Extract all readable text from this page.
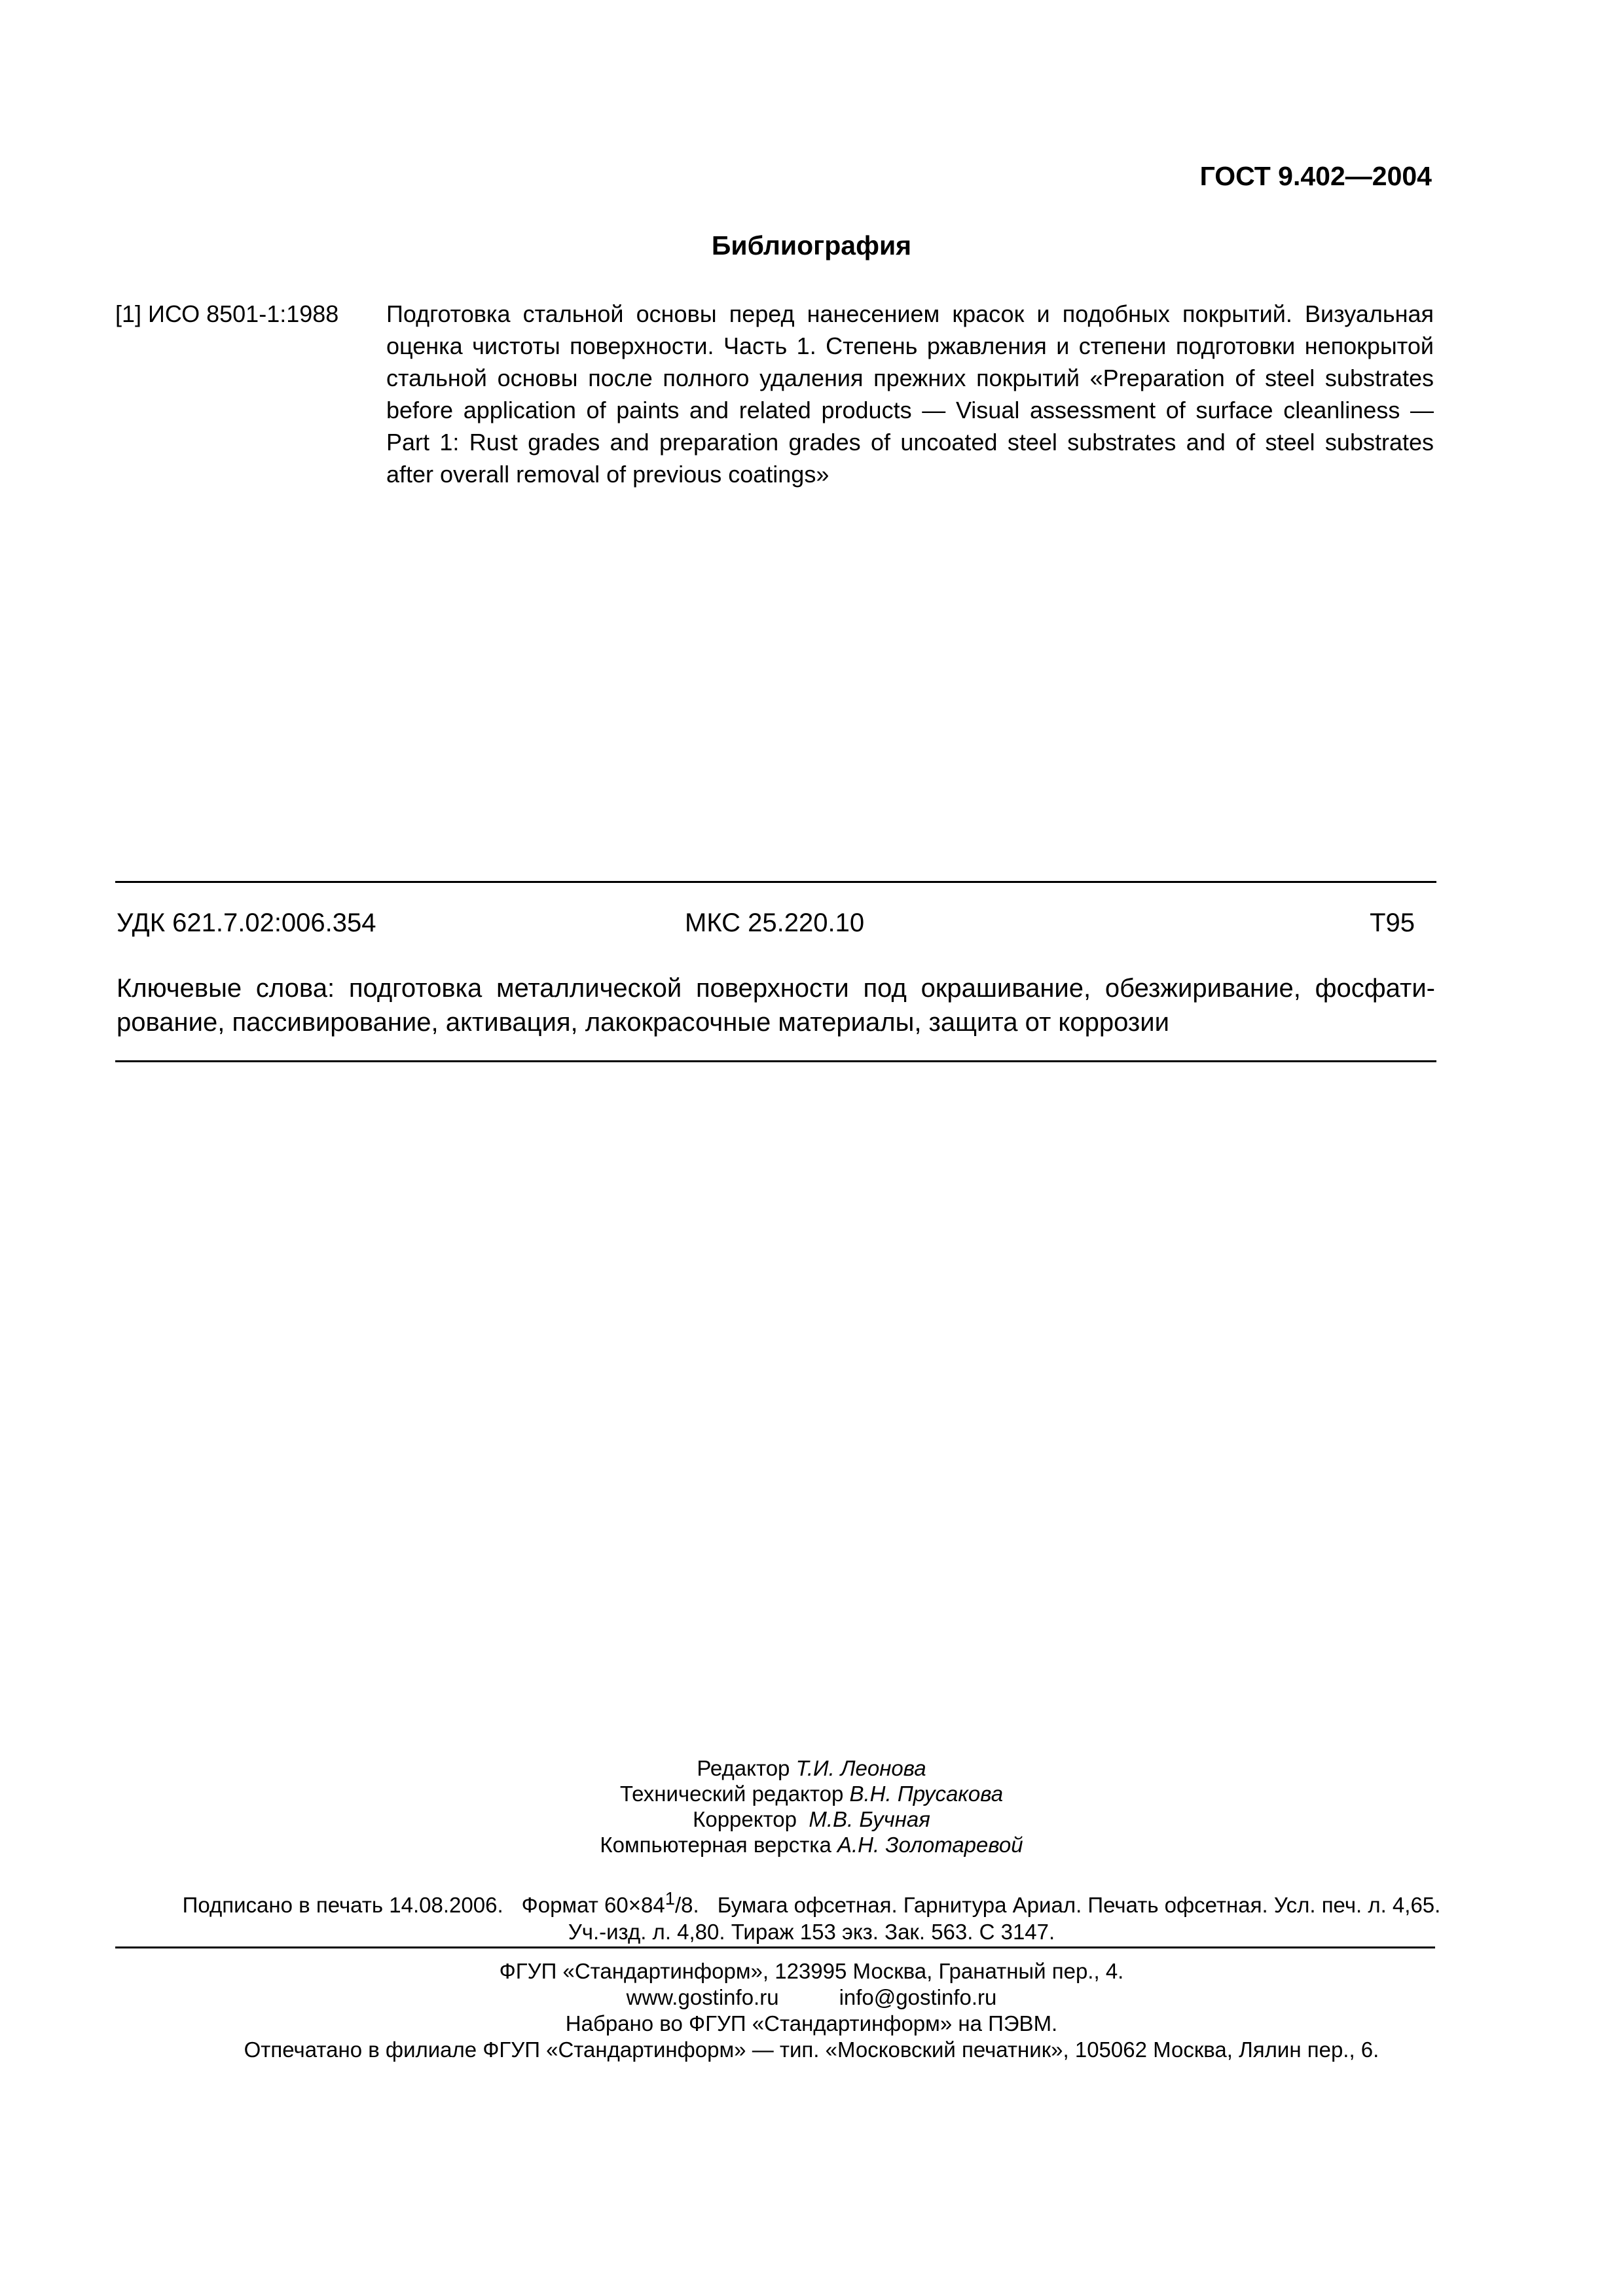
ГОСТ 9.402—2004
Библиография
[1] ИСО 8501-1:1988 Подготовка стальной основы перед нанесением красок и подобных покрытий. Визуальная
оценка чистоты поверхности. Часть 1. Степень ржавления и степени подготовки непокрытой
стальной основы после полного удаления прежних покрытий «Preparation of steel substrates
before application of paints and related products — Visual assessment of surface cleanliness —
Part 1: Rust grades and preparation grades of uncoated steel substrates and of steel substrates
after overall removal of previous coatings»
УДК 621.7.02:006.354	МКС 25.220.10	Т95
Ключевые слова: подготовка металлической поверхности под окрашивание, обезжиривание, фосфати-
рование, пассивирование, активация, лакокрасочные материалы, защита от коррозии
Редактор Т.И. Леонова
Технический редактор В.Н. Прусакова
Корректор М.В. Бучная
Компьютерная верстка А.Н. Золотаревой
Подписано в печать 14.08.2006. Формат $60\times 84^1/8$. Бумага офсетная. Гарнитура Ариал. Печать офсетная. Усл. печ. л. 4,65.
Уч.-изд. л. 4,80. Тираж 153 экз. Зак. 563. С 3147.
ФГУП «Стандартинформ», 123995 Москва, Гранатный пер., 4.
www.gostinfo.ru	info@gostinfo.ru
Набрано во ФГУП «Стандартинформ» на ПЭВМ.
Отпечатано в филиале ФГУП «Стандартинформ» — тип. «Московский печатник», 105062 Москва, Лялин пер., 6.
